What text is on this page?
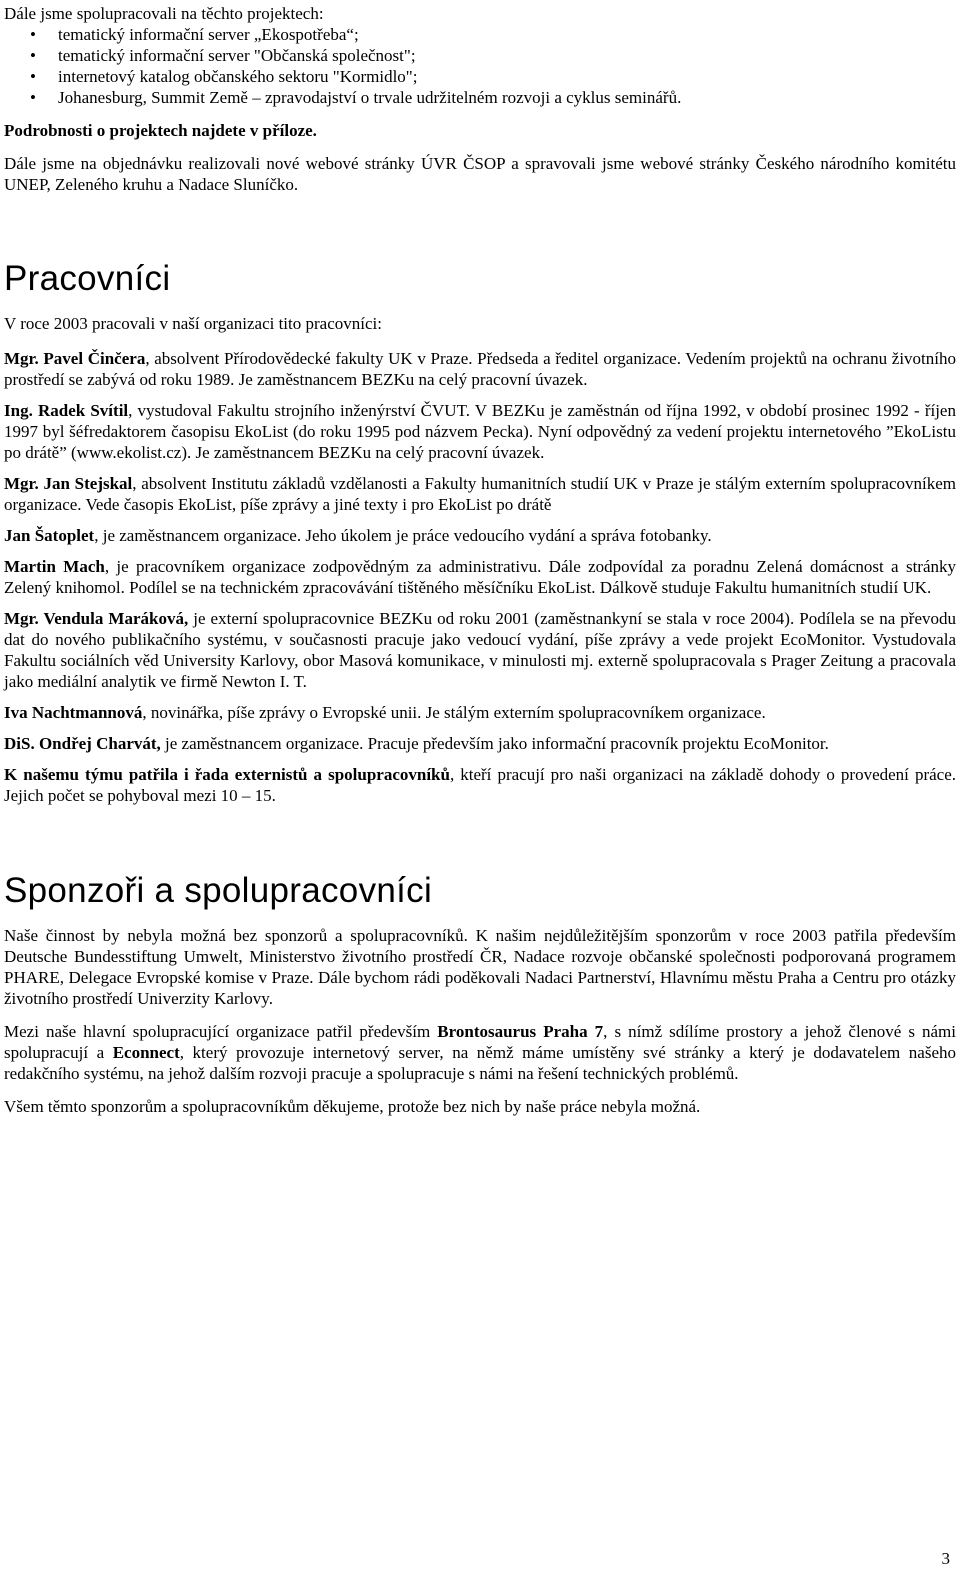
Dále jsme spolupracovali na těchto projektech:

• tematický informační server „Ekospotřeba“;
• tematický informační server "Občanská společnost";
• internetový katalog občanského sektoru "Kormidlo";
• Johanesburg, Summit Země – zpravodajství o trvale udržitelném rozvoji a cyklus seminářů.

Podrobnosti o projektech najdete v příloze.

Dále jsme na objednávku realizovali nové webové stránky ÚVR ČSOP a spravovali jsme webové stránky Českého národního komitétu UNEP, Zeleného kruhu a Nadace Sluníčko.

Pracovníci

V roce 2003 pracovali v naší organizaci tito pracovníci:

Mgr. Pavel Činčera, absolvent Přírodovědecké fakulty UK v Praze. Předseda a ředitel organizace. Vedením projektů na ochranu životního prostředí se zabývá od roku 1989. Je zaměstnancem BEZKu na celý pracovní úvazek.

Ing. Radek Svítil, vystudoval Fakultu strojního inženýrství ČVUT. V BEZKu je zaměstnán od října 1992, v období prosinec 1992 - říjen 1997 byl šéfredaktorem časopisu EkoList (do roku 1995 pod názvem Pecka). Nyní odpovědný za vedení projektu internetového ”EkoListu po drátě” (www.ekolist.cz). Je zaměstnancem BEZKu na celý pracovní úvazek.

Mgr. Jan Stejskal, absolvent Institutu základů vzdělanosti a Fakulty humanitních studií UK v Praze je stálým externím spolupracovníkem organizace. Vede časopis EkoList, píše zprávy a jiné texty i pro EkoList po drátě

Jan Šatoplet, je zaměstnancem organizace. Jeho úkolem je práce vedoucího vydání a správa fotobanky.

Martin Mach, je pracovníkem organizace zodpovědným za administrativu. Dále zodpovídal za poradnu Zelená domácnost a stránky Zelený knihomol. Podílel se na technickém zpracovávání tištěného měsíčníku EkoList. Dálkově studuje Fakultu humanitních studií UK.

Mgr. Vendula Maráková, je externí spolupracovnice BEZKu od roku 2001 (zaměstnankyní se stala v roce 2004). Podílela se na převodu dat do nového publikačního systému, v současnosti pracuje jako vedoucí vydání, píše zprávy a vede projekt EcoMonitor. Vystudovala Fakultu sociálních věd University Karlovy, obor Masová komunikace, v minulosti mj. externě spolupracovala s Prager Zeitung a pracovala jako mediální analytik ve firmě Newton I. T.

Iva Nachtmannová, novinářka, píše zprávy o Evropské unii. Je stálým externím spolupracovníkem organizace.

DiS. Ondřej Charvát, je zaměstnancem organizace. Pracuje především jako informační pracovník projektu EcoMonitor.

K našemu týmu patřila i řada externistů a spolupracovníků, kteří pracují pro naši organizaci na základě dohody o provedení práce. Jejich počet se pohyboval mezi 10 – 15.

Sponzoři a spolupracovníci

Naše činnost by nebyla možná bez sponzorů a spolupracovníků. K našim nejdůležitějším sponzorům v roce 2003 patřila především Deutsche Bundesstiftung Umwelt, Ministerstvo životního prostředí ČR, Nadace rozvoje občanské společnosti podporovaná programem PHARE, Delegace Evropské komise v Praze. Dále bychom rádi poděkovali Nadaci Partnerství, Hlavnímu městu Praha a Centru pro otázky životního prostředí Univerzity Karlovy.

Mezi naše hlavní spolupracující organizace patřil především Brontosaurus Praha 7, s nímž sdílíme prostory a jehož členové s námi spolupracují a Econnect, který provozuje internetový server, na němž máme umístěny své stránky a který je dodavatelem našeho redakčního systému, na jehož dalším rozvoji pracuje a spolupracuje s námi na řešení technických problémů.

Všem těmto sponzorům a spolupracovníkům děkujeme, protože bez nich by naše práce nebyla možná.

3
